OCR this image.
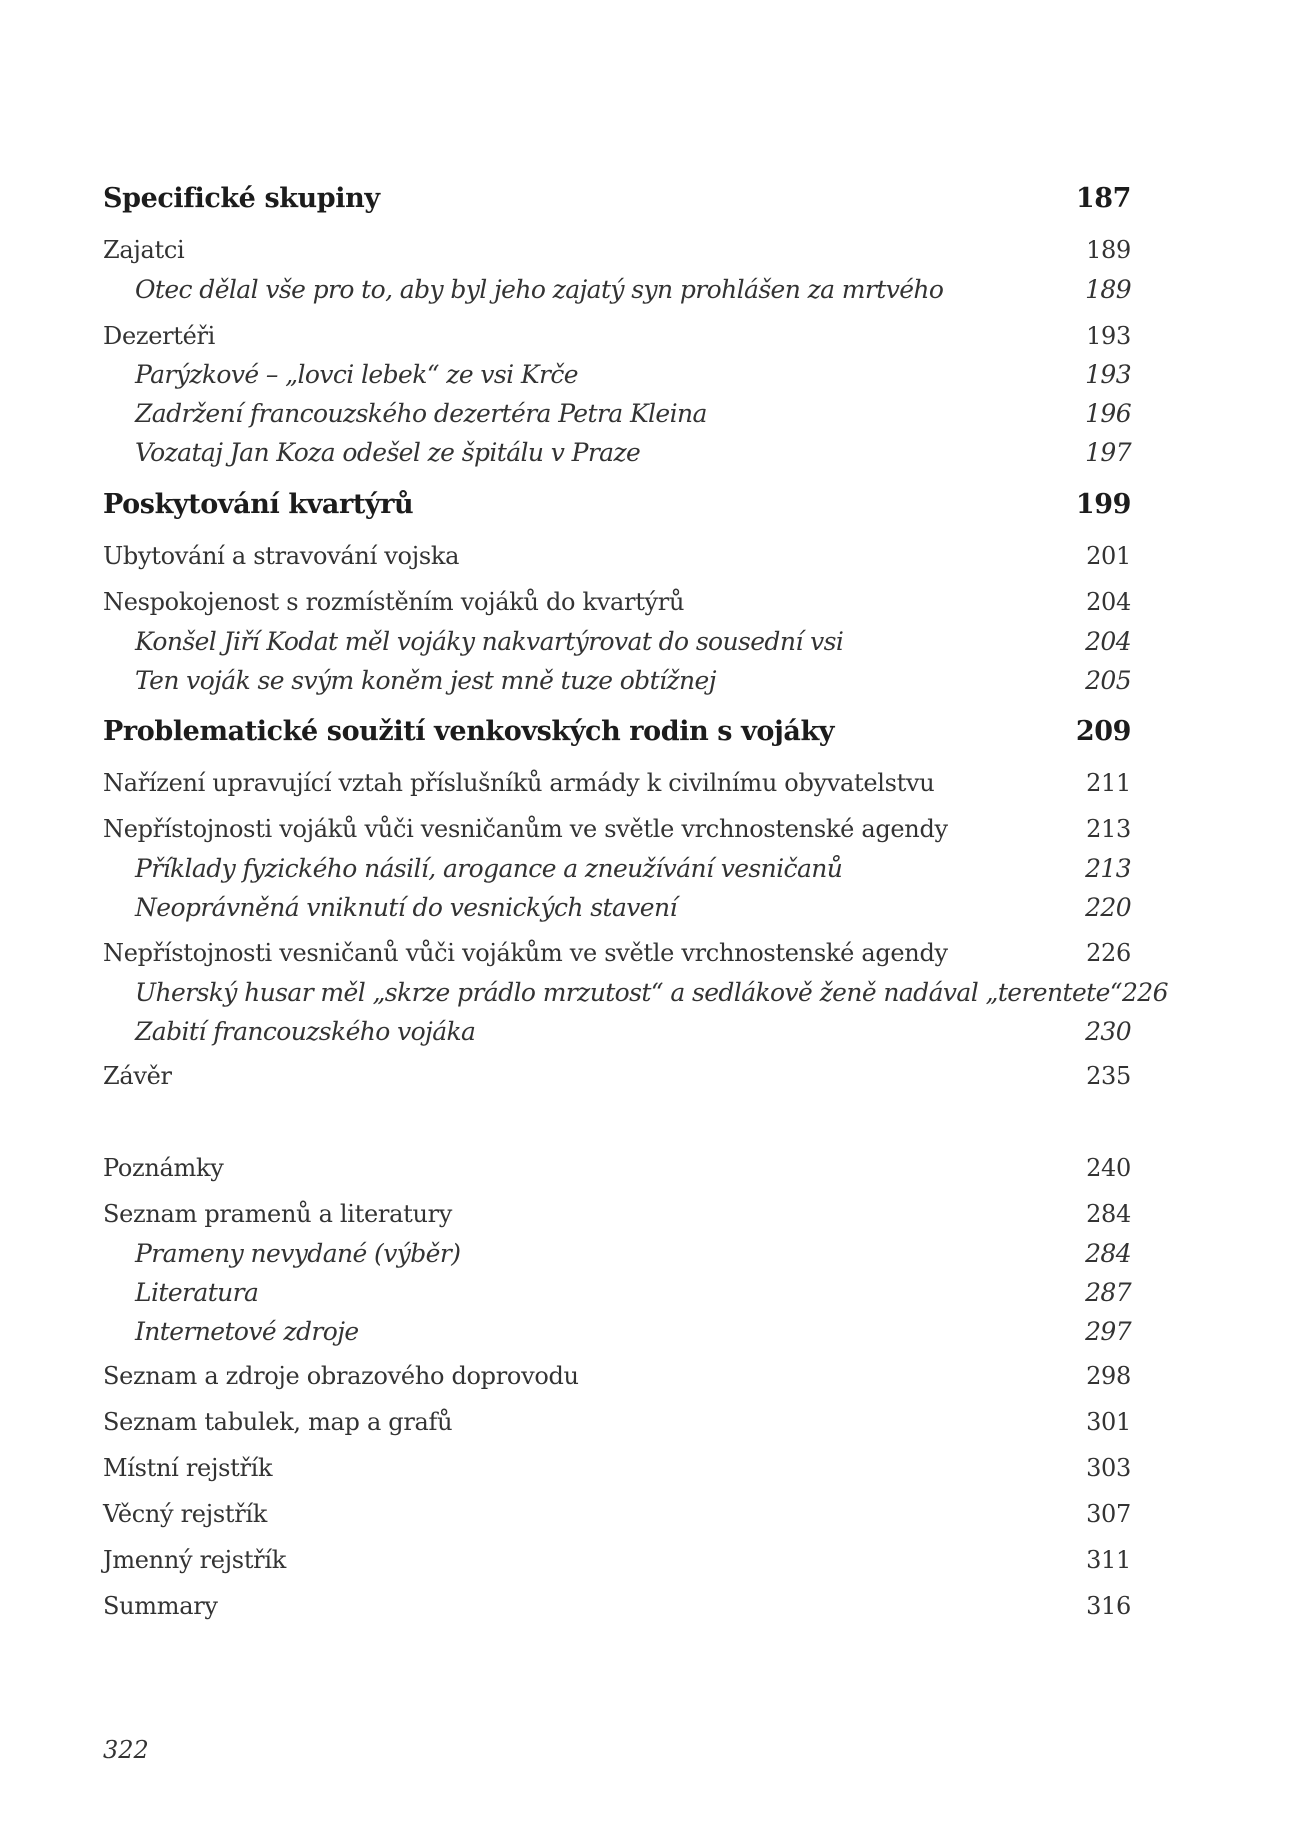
Specifické skupiny	187
Zajatci	189
Otec dělal vše pro to, aby byl jeho zajatý syn prohlášen za mrtvého	189
Dezertéři	193
Parýzkové – „lovci lebek“ ze vsi Krče	193
Zadržení francouzského dezertéra Petra Kleina	196
Vozataj Jan Koza odešel ze špitálu v Praze	197
Poskytování kvartýrů	199
Ubytování a stravování vojska	201
Nespokojenost s rozmístěním vojáků do kvartýrů	204
Konšel Jiří Kodat měl vojáky nakvartýrovat do sousední vsi	204
Ten voják se svým koněm jest mně tuze obtížnej	205
Problematické soužití venkovských rodin s vojáky	209
Nařízení upravující vztah příslušníků armády k civilnímu obyvatelstvu	211
Nepřístojnosti vojáků vůči vesničanům ve světle vrchnostenské agendy	213
Příklady fyzického násilí, arogance a zneužívání vesničanů	213
Neoprávněná vniknutí do vesnických stavení	220
Nepřístojnosti vesničanů vůči vojákům ve světle vrchnostenské agendy	226
Uherský husar měl „skrze prádlo mrzutost“ a sedlákově ženě nadával „terentete“ 226
Zabití francouzského vojáka	230
Závěr	235
Poznámky	240
Seznam pramenů a literatury	284
Prameny nevydané (výběr)	284
Literatura	287
Internetové zdroje	297
Seznam a zdroje obrazového doprovodu	298
Seznam tabulek, map a grafů	301
Místní rejstřík	303
Věcný rejstřík	307
Jmenný rejstřík	311
Summary	316
322
